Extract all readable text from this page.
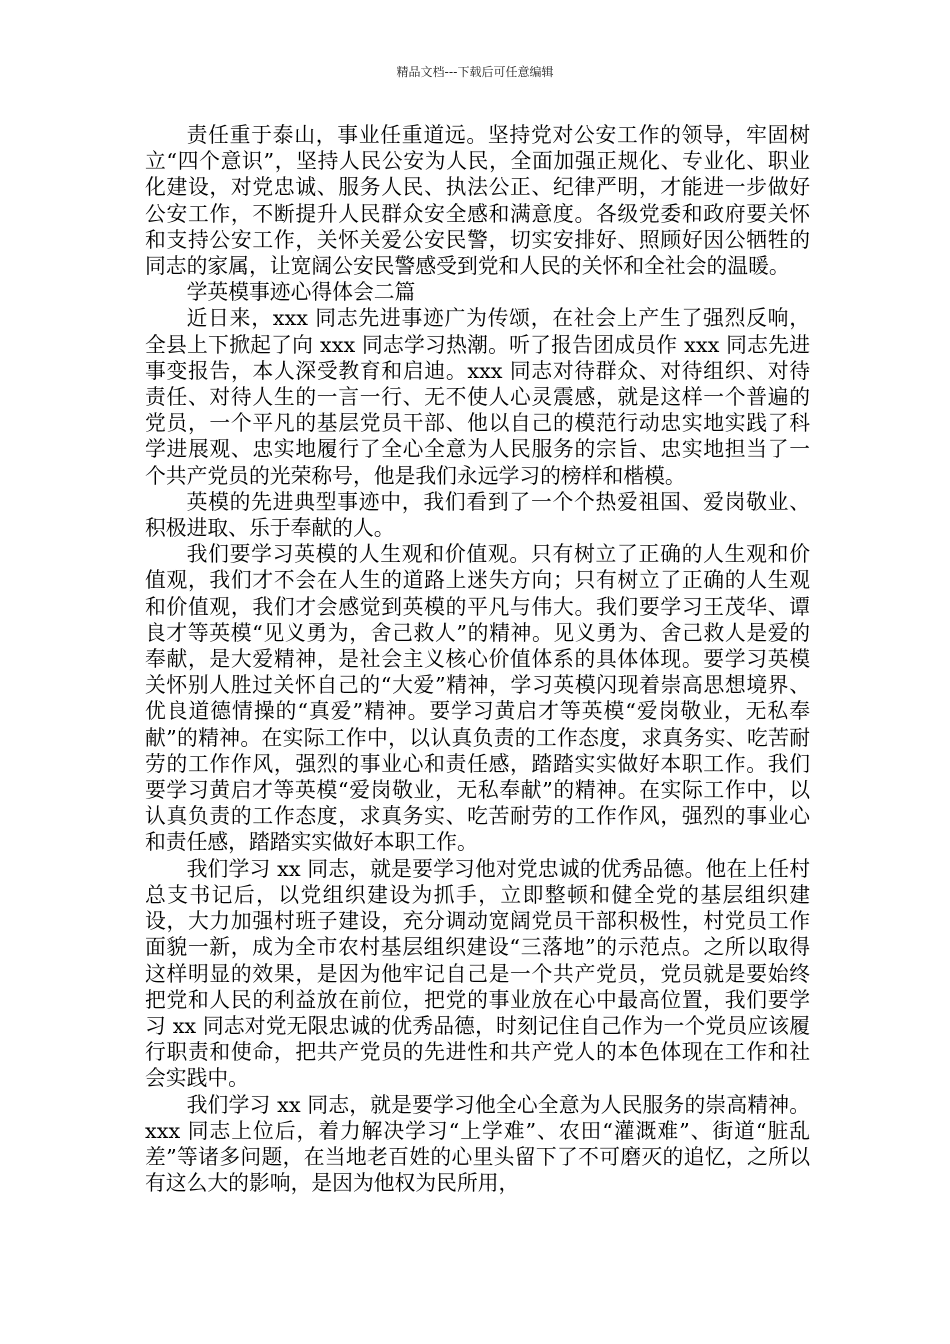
精品文档---下载后可任意编辑

责任重于泰山，事业任重道远。坚持党对公安工作的领导，牢固树立“四个意识”，坚持人民公安为人民，全面加强正规化、专业化、职业化建设，对党忠诚、服务人民、执法公正、纪律严明，才能进一步做好公安工作，不断提升人民群众安全感和满意度。各级党委和政府要关怀和支持公安工作，关怀关爱公安民警，切实安排好、照顾好因公牺牲的同志的家属，让宽阔公安民警感受到党和人民的关怀和全社会的温暖。

学英模事迹心得体会二篇

近日来，xxx 同志先进事迹广为传颂，在社会上产生了强烈反响，全县上下掀起了向 xxx 同志学习热潮。听了报告团成员作 xxx 同志先进事变报告，本人深受教育和启迪。xxx 同志对待群众、对待组织、对待责任、对待人生的一言一行、无不使人心灵震感，就是这样一个普遍的党员，一个平凡的基层党员干部、他以自己的模范行动忠实地实践了科学进展观、忠实地履行了全心全意为人民服务的宗旨、忠实地担当了一个共产党员的光荣称号，他是我们永远学习的榜样和楷模。

英模的先进典型事迹中，我们看到了一个个热爱祖国、爱岗敬业、积极进取、乐于奉献的人。

我们要学习英模的人生观和价值观。只有树立了正确的人生观和价值观，我们才不会在人生的道路上迷失方向；只有树立了正确的人生观和价值观，我们才会感觉到英模的平凡与伟大。我们要学习王茂华、谭良才等英模“见义勇为，舍己救人”的精神。见义勇为、舍己救人是爱的奉献，是大爱精神，是社会主义核心价值体系的具体体现。要学习英模关怀别人胜过关怀自己的“大爱”精神，学习英模闪现着崇高思想境界、优良道德情操的“真爱”精神。要学习黄启才等英模“爱岗敬业，无私奉献”的精神。在实际工作中，以认真负责的工作态度，求真务实、吃苦耐劳的工作作风，强烈的事业心和责任感，踏踏实实做好本职工作。我们要学习黄启才等英模“爱岗敬业，无私奉献”的精神。在实际工作中，以认真负责的工作态度，求真务实、吃苦耐劳的工作作风，强烈的事业心和责任感，踏踏实实做好本职工作。

我们学习 xx 同志，就是要学习他对党忠诚的优秀品德。他在上任村总支书记后，以党组织建设为抓手，立即整顿和健全党的基层组织建设，大力加强村班子建设，充分调动宽阔党员干部积极性，村党员工作面貌一新，成为全市农村基层组织建设“三落地”的示范点。之所以取得这样明显的效果，是因为他牢记自己是一个共产党员，党员就是要始终把党和人民的利益放在前位，把党的事业放在心中最高位置，我们要学习 xx 同志对党无限忠诚的优秀品德，时刻记住自己作为一个党员应该履行职责和使命，把共产党员的先进性和共产党人的本色体现在工作和社会实践中。

我们学习 xx 同志，就是要学习他全心全意为人民服务的崇高精神。xxx 同志上位后，着力解决学习“上学难”、农田“灌溉难”、街道“脏乱差”等诸多问题，在当地老百姓的心里头留下了不可磨灭的追忆，之所以有这么大的影响，是因为他权为民所用，
